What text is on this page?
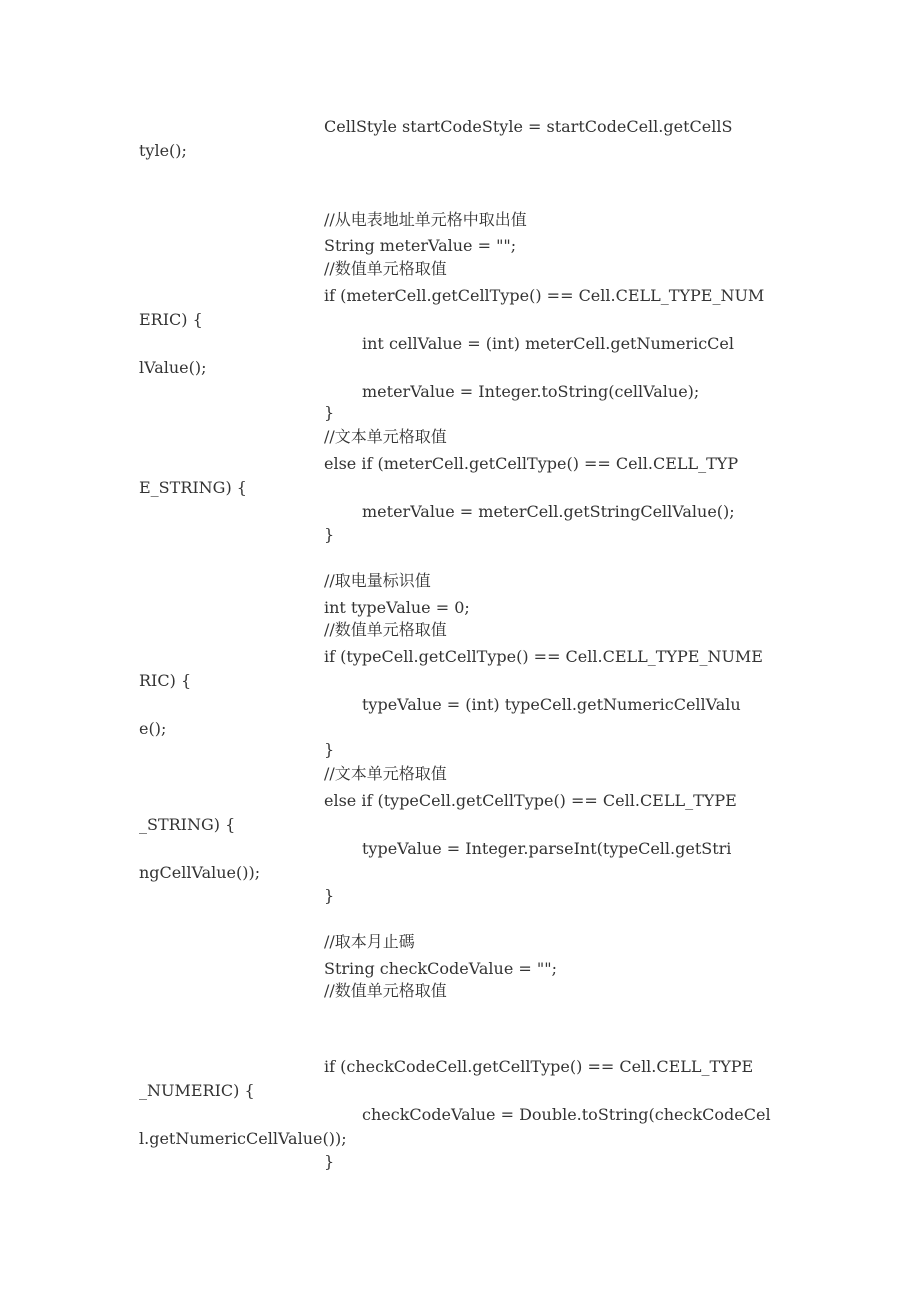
CellStyle startCodeStyle = startCodeCell.getCellS
tyle();
//从电表地址单元格中取出值
String meterValue = "";
//数值单元格取值
if (meterCell.getCellType() == Cell.CELL_TYPE_NUM
ERIC) {
int cellValue = (int) meterCell.getNumericCel
lValue();
meterValue = Integer.toString(cellValue);
}
//文本单元格取值
else if (meterCell.getCellType() == Cell.CELL_TYP
E_STRING) {
meterValue = meterCell.getStringCellValue();
}
//取电量标识值
int typeValue = 0;
//数值单元格取值
if (typeCell.getCellType() == Cell.CELL_TYPE_NUME
RIC) {
typeValue = (int) typeCell.getNumericCellValu
e();
}
//文本单元格取值
else if (typeCell.getCellType() == Cell.CELL_TYPE
_STRING) {
typeValue = Integer.parseInt(typeCell.getStri
ngCellValue());
}
//取本月止碼
String checkCodeValue = "";
//数值单元格取值
if (checkCodeCell.getCellType() == Cell.CELL_TYPE
_NUMERIC) {
checkCodeValue = Double.toString(checkCodeCel
l.getNumericCellValue());
}
